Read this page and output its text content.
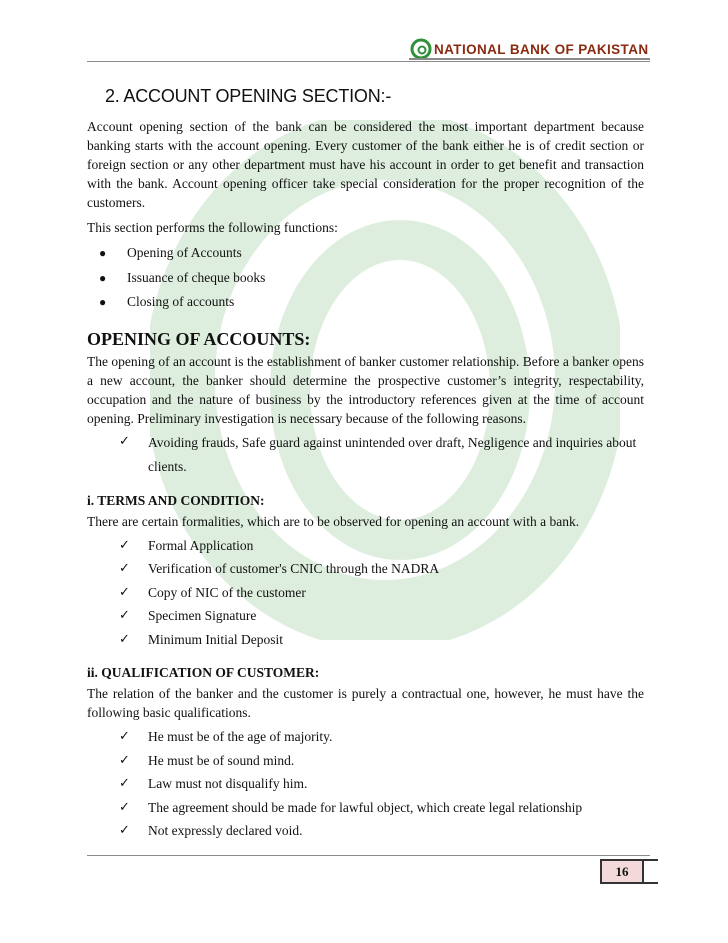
NATIONAL BANK OF PAKISTAN
2. ACCOUNT OPENING SECTION:-

Account opening section of the bank can be considered the most important department because banking starts with the account opening. Every customer of the bank either he is of credit section or foreign section or any other department must have his account in order to get benefit and transaction with the bank. Account opening officer take special consideration for the proper recognition of the customers.

This section performs the following functions:

●	Opening of Accounts
●	Issuance of cheque books
●	Closing of accounts
OPENING OF ACCOUNTS:

The opening of an account is the establishment of banker customer relationship. Before a banker opens a new account, the banker should determine the prospective customer’s integrity, respectability, occupation and the nature of business by the introductory references given at the time of account opening. Preliminary investigation is necessary because of the following reasons.

✓	Avoiding frauds, Safe guard against unintended over draft, Negligence and inquiries about clients.
i. TERMS AND CONDITION:

There are certain formalities, which are to be observed for opening an account with a bank.

✓	Formal Application
✓	Verification of customer's CNIC through the NADRA
✓	Copy of NIC of the customer
✓	Specimen Signature
✓	Minimum Initial Deposit
ii. QUALIFICATION OF CUSTOMER:

The relation of the banker and the customer is purely a contractual one, however, he must have the following basic qualifications.

✓	He must be of the age of majority.
✓	He must be of sound mind.
✓	Law must not disqualify him.
✓	The agreement should be made for lawful object, which create legal relationship
✓	Not expressly declared void.
16
